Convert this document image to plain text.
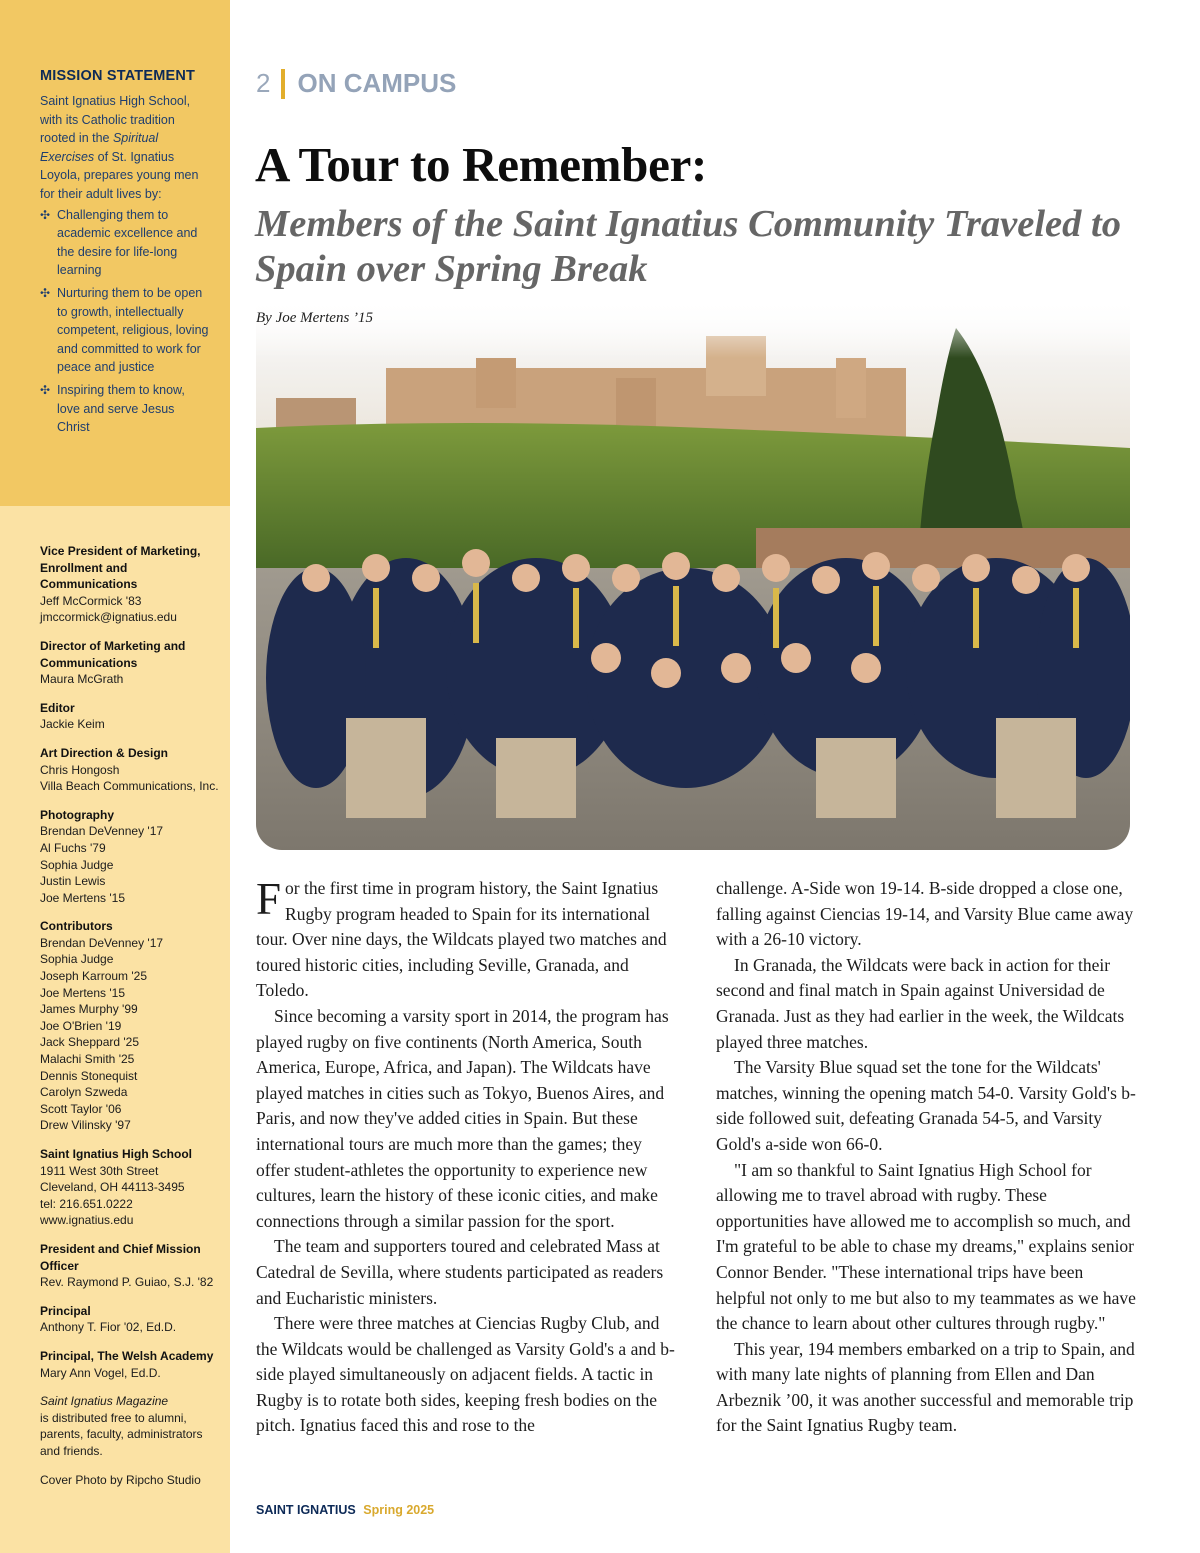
MISSION STATEMENT

Saint Ignatius High School, with its Catholic tradition rooted in the Spiritual Exercises of St. Ignatius Loyola, prepares young men for their adult lives by:

✣ Challenging them to academic excellence and the desire for life-long learning
✣ Nurturing them to be open to growth, intellectually competent, religious, loving and committed to work for peace and justice
✣ Inspiring them to know, love and serve Jesus Christ
Vice President of Marketing, Enrollment and Communications
Jeff McCormick '83
jmccormick@ignatius.edu
Director of Marketing and Communications
Maura McGrath
Editor
Jackie Keim
Art Direction & Design
Chris Hongosh
Villa Beach Communications, Inc.
Photography
Brendan DeVenney '17
Al Fuchs '79
Sophia Judge
Justin Lewis
Joe Mertens '15
Contributors
Brendan DeVenney '17
Sophia Judge
Joseph Karroum '25
Joe Mertens '15
James Murphy '99
Joe O'Brien '19
Jack Sheppard '25
Malachi Smith '25
Dennis Stonequist
Carolyn Szweda
Scott Taylor '06
Drew Vilinsky '97
Saint Ignatius High School
1911 West 30th Street
Cleveland, OH 44113-3495
tel: 216.651.0222
www.ignatius.edu
President and Chief Mission Officer
Rev. Raymond P. Guiao, S.J. '82
Principal
Anthony T. Fior '02, Ed.D.
Principal, The Welsh Academy
Mary Ann Vogel, Ed.D.
Saint Ignatius Magazine
is distributed free to alumni, parents, faculty, administrators and friends.
Cover Photo by Ripcho Studio
2 ON CAMPUS
A Tour to Remember:
Members of the Saint Ignatius Community Traveled to Spain over Spring Break

By Joe Mertens ’15

For the first time in program history, the Saint Ignatius Rugby program headed to Spain for its international tour. Over nine days, the Wildcats played two matches and toured historic cities, including Seville, Granada, and Toledo.

Since becoming a varsity sport in 2014, the program has played rugby on five continents (North America, South America, Europe, Africa, and Japan). The Wildcats have played matches in cities such as Tokyo, Buenos Aires, and Paris, and now they've added cities in Spain. But these international tours are much more than the games; they offer student-athletes the opportunity to experience new cultures, learn the history of these iconic cities, and make connections through a similar passion for the sport.

The team and supporters toured and celebrated Mass at Catedral de Sevilla, where students participated as readers and Eucharistic ministers.

There were three matches at Ciencias Rugby Club, and the Wildcats would be challenged as Varsity Gold's a and b-side played simultaneously on adjacent fields. A tactic in Rugby is to rotate both sides, keeping fresh bodies on the pitch. Ignatius faced this and rose to the

challenge. A-Side won 19-14. B-side dropped a close one, falling against Ciencias 19-14, and Varsity Blue came away with a 26-10 victory.

In Granada, the Wildcats were back in action for their second and final match in Spain against Universidad de Granada. Just as they had earlier in the week, the Wildcats played three matches.

The Varsity Blue squad set the tone for the Wildcats' matches, winning the opening match 54-0. Varsity Gold's b-side followed suit, defeating Granada 54-5, and Varsity Gold's a-side won 66-0.

"I am so thankful to Saint Ignatius High School for allowing me to travel abroad with rugby. These opportunities have allowed me to accomplish so much, and I'm grateful to be able to chase my dreams," explains senior Connor Bender. "These international trips have been helpful not only to me but also to my teammates as we have the chance to learn about other cultures through rugby."

This year, 194 members embarked on a trip to Spain, and with many late nights of planning from Ellen and Dan Arbeznik ’00, it was another successful and memorable trip for the Saint Ignatius Rugby team.

SAINT IGNATIUS Spring 2025
